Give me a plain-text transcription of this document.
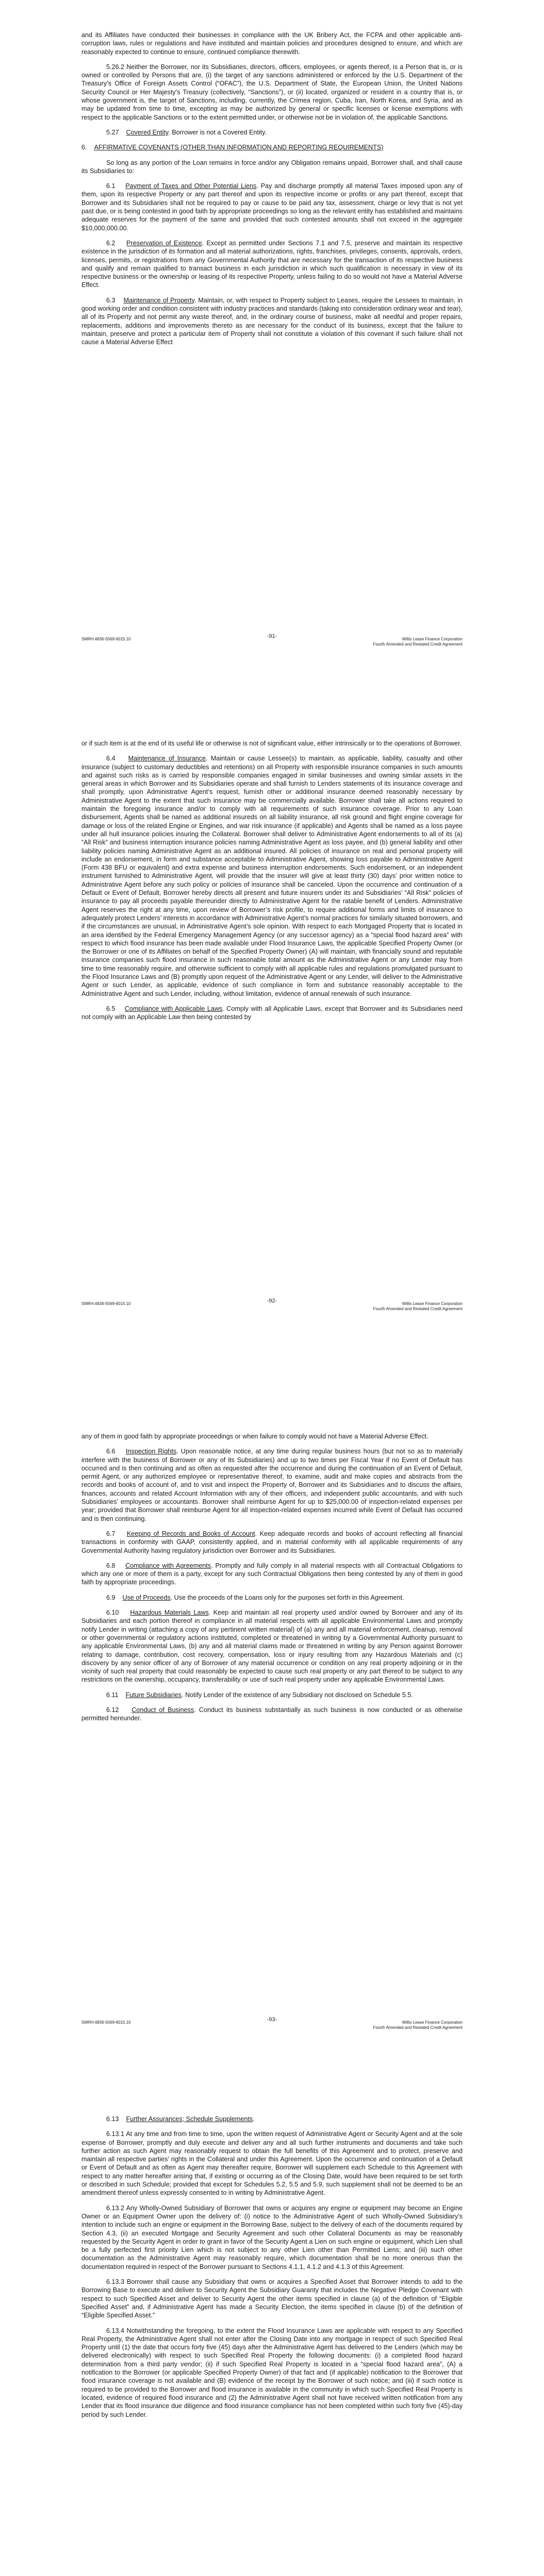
and its Affiliates have conducted their businesses in compliance with the UK Bribery Act, the FCPA and other applicable anti-corruption laws, rules or regulations and have instituted and maintain policies and procedures designed to ensure, and which are reasonably expected to continue to ensure, continued compliance therewith.

5.26.2 Neither the Borrower, nor its Subsidiaries, directors, officers, employees, or agents thereof, is a Person that is, or is owned or controlled by Persons that are, (i) the target of any sanctions administered or enforced by the U.S. Department of the Treasury’s Office of Foreign Assets Control (“OFAC”), the U.S. Department of State, the European Union, the United Nations Security Council or Her Majesty’s Treasury (collectively, “Sanctions”), or (ii) located, organized or resident in a country that is, or whose government is, the target of Sanctions, including, currently, the Crimea region, Cuba, Iran, North Korea, and Syria, and as may be updated from time to time, excepting as may be authorized by general or specific licenses or license exemptions with respect to the applicable Sanctions or to the extent permitted under, or otherwise not be in violation of, the applicable Sanctions.

5.27 Covered Entity. Borrower is not a Covered Entity.

6. AFFIRMATIVE COVENANTS (OTHER THAN INFORMATION AND REPORTING REQUIREMENTS)

So long as any portion of the Loan remains in force and/or any Obligation remains unpaid, Borrower shall, and shall cause its Subsidiaries to:

6.1 Payment of Taxes and Other Potential Liens. Pay and discharge promptly all material Taxes imposed upon any of them, upon its respective Property or any part thereof and upon its respective income or profits or any part thereof, except that Borrower and its Subsidiaries shall not be required to pay or cause to be paid any tax, assessment, charge or levy that is not yet past due, or is being contested in good faith by appropriate proceedings so long as the relevant entity has established and maintains adequate reserves for the payment of the same and provided that such contested amounts shall not exceed in the aggregate $10,000,000.00.

6.2 Preservation of Existence. Except as permitted under Sections 7.1 and 7.5, preserve and maintain its respective existence in the jurisdiction of its formation and all material authorizations, rights, franchises, privileges, consents, approvals, orders, licenses, permits, or registrations from any Governmental Authority that are necessary for the transaction of its respective business and qualify and remain qualified to transact business in each jurisdiction in which such qualification is necessary in view of its respective business or the ownership or leasing of its respective Property, unless failing to do so would not have a Material Adverse Effect.

6.3 Maintenance of Property. Maintain, or, with respect to Property subject to Leases, require the Lessees to maintain, in good working order and condition consistent with industry practices and standards (taking into consideration ordinary wear and tear), all of its Property and not permit any waste thereof, and, in the ordinary course of business, make all needful and proper repairs, replacements, additions and improvements thereto as are necessary for the conduct of its business, except that the failure to maintain, preserve and protect a particular item of Property shall not constitute a violation of this covenant if such failure shall not cause a Material Adverse Effect

SMRH:4836-5569-6015.10	-91-	Willis Lease Finance Corporation
Fourth Amended and Restated Credit Agreement

or if such item is at the end of its useful life or otherwise is not of significant value, either intrinsically or to the operations of Borrower.

6.4 Maintenance of Insurance. Maintain or cause Lessee(s) to maintain, as applicable, liability, casualty and other insurance (subject to customary deductibles and retentions) on all Property with responsible insurance companies in such amounts and against such risks as is carried by responsible companies engaged in similar businesses and owning similar assets in the general areas in which Borrower and its Subsidiaries operate and shall furnish to Lenders statements of its insurance coverage and shall promptly, upon Administrative Agent’s request, furnish other or additional insurance deemed reasonably necessary by Administrative Agent to the extent that such insurance may be commercially available. Borrower shall take all actions required to maintain the foregoing insurance and/or to comply with all requirements of such insurance coverage. Prior to any Loan disbursement, Agents shall be named as additional insureds on all liability insurance, all risk ground and flight engine coverage for damage or loss of the related Engine or Engines, and war risk insurance (if applicable) and Agents shall be named as a loss payee under all hull insurance policies insuring the Collateral. Borrower shall deliver to Administrative Agent endorsements to all of its (a) “All Risk” and business interruption insurance policies naming Administrative Agent as loss payee, and (b) general liability and other liability policies naming Administrative Agent as an additional insured. All policies of insurance on real and personal property will include an endorsement, in form and substance acceptable to Administrative Agent, showing loss payable to Administrative Agent (Form 438 BFU or equivalent) and extra expense and business interruption endorsements. Such endorsement, or an independent instrument furnished to Administrative Agent, will provide that the insurer will give at least thirty (30) days’ prior written notice to Administrative Agent before any such policy or policies of insurance shall be canceled. Upon the occurrence and continuation of a Default or Event of Default, Borrower hereby directs all present and future insurers under its and Subsidiaries’ “All Risk” policies of insurance to pay all proceeds payable thereunder directly to Administrative Agent for the ratable benefit of Lenders. Administrative Agent reserves the right at any time, upon review of Borrower’s risk profile, to require additional forms and limits of insurance to adequately protect Lenders’ interests in accordance with Administrative Agent’s normal practices for similarly situated borrowers, and if the circumstances are unusual, in Administrative Agent’s sole opinion. With respect to each Mortgaged Property that is located in an area identified by the Federal Emergency Management Agency (or any successor agency) as a “special flood hazard area” with respect to which flood insurance has been made available under Flood Insurance Laws, the applicable Specified Property Owner (or the Borrower or one of its Affiliates on behalf of the Specified Property Owner) (A) will maintain, with financially sound and reputable insurance companies such flood insurance in such reasonable total amount as the Administrative Agent or any Lender may from time to time reasonably require, and otherwise sufficient to comply with all applicable rules and regulations promulgated pursuant to the Flood Insurance Laws and (B) promptly upon request of the Administrative Agent or any Lender, will deliver to the Administrative Agent or such Lender, as applicable, evidence of such compliance in form and substance reasonably acceptable to the Administrative Agent and such Lender, including, without limitation, evidence of annual renewals of such insurance.

6.5 Compliance with Applicable Laws. Comply with all Applicable Laws, except that Borrower and its Subsidiaries need not comply with an Applicable Law then being contested by

SMRH:4836-5569-6015.10	-92-	Willis Lease Finance Corporation
Fourth Amended and Restated Credit Agreement

any of them in good faith by appropriate proceedings or when failure to comply would not have a Material Adverse Effect.

6.6 Inspection Rights. Upon reasonable notice, at any time during regular business hours (but not so as to materially interfere with the business of Borrower or any of its Subsidiaries) and up to two times per Fiscal Year if no Event of Default has occurred and is then continuing and as often as requested after the occurrence and during the continuation of an Event of Default, permit Agent, or any authorized employee or representative thereof, to examine, audit and make copies and abstracts from the records and books of account of, and to visit and inspect the Property of, Borrower and its Subsidiaries and to discuss the affairs, finances, accounts and related Account Information with any of their officers, and independent public accountants, and with such Subsidiaries’ employees or accountants. Borrower shall reimburse Agent for up to $25,000.00 of inspection-related expenses per year; provided that Borrower shall reimburse Agent for all inspection-related expenses incurred while Event of Default has occurred and is then continuing.

6.7 Keeping of Records and Books of Account. Keep adequate records and books of account reflecting all financial transactions in conformity with GAAP, consistently applied, and in material conformity with all applicable requirements of any Governmental Authority having regulatory jurisdiction over Borrower and its Subsidiaries.

6.8 Compliance with Agreements. Promptly and fully comply in all material respects with all Contractual Obligations to which any one or more of them is a party, except for any such Contractual Obligations then being contested by any of them in good faith by appropriate proceedings.

6.9 Use of Proceeds. Use the proceeds of the Loans only for the purposes set forth in this Agreement.

6.10 Hazardous Materials Laws. Keep and maintain all real property used and/or owned by Borrower and any of its Subsidiaries and each portion thereof in compliance in all material respects with all applicable Environmental Laws and promptly notify Lender in writing (attaching a copy of any pertinent written material) of (a) any and all material enforcement, cleanup, removal or other governmental or regulatory actions instituted, completed or threatened in writing by a Governmental Authority pursuant to any applicable Environmental Laws, (b) any and all material claims made or threatened in writing by any Person against Borrower relating to damage, contribution, cost recovery, compensation, loss or injury resulting from any Hazardous Materials and (c) discovery by any senior officer of any of Borrower of any material occurrence or condition on any real property adjoining or in the vicinity of such real property that could reasonably be expected to cause such real property or any part thereof to be subject to any restrictions on the ownership, occupancy, transferability or use of such real property under any applicable Environmental Laws.

6.11 Future Subsidiaries. Notify Lender of the existence of any Subsidiary not disclosed on Schedule 5.5.

6.12 Conduct of Business. Conduct its business substantially as such business is now conducted or as otherwise permitted hereunder.

SMRH:4836-5569-6015.10	-93-	Willis Lease Finance Corporation
Fourth Amended and Restated Credit Agreement

6.13 Further Assurances; Schedule Supplements.

6.13.1 At any time and from time to time, upon the written request of Administrative Agent or Security Agent and at the sole expense of Borrower, promptly and duly execute and deliver any and all such further instruments and documents and take such further action as such Agent may reasonably request to obtain the full benefits of this Agreement and to protect, preserve and maintain all respective parties’ rights in the Collateral and under this Agreement. Upon the occurrence and continuation of a Default or Event of Default and as often as Agent may thereafter require, Borrower will supplement each Schedule to this Agreement with respect to any matter hereafter arising that, if existing or occurring as of the Closing Date, would have been required to be set forth or described in such Schedule; provided that except for Schedules 5.2, 5.5 and 5.9, such supplement shall not be deemed to be an amendment thereof unless expressly consented to in writing by Administrative Agent.

6.13.2 Any Wholly-Owned Subsidiary of Borrower that owns or acquires any engine or equipment may become an Engine Owner or an Equipment Owner upon the delivery of: (i) notice to the Administrative Agent of such Wholly-Owned Subsidiary’s intention to include such an engine or equipment in the Borrowing Base, subject to the delivery of each of the documents required by Section 4.3, (ii) an executed Mortgage and Security Agreement and such other Collateral Documents as may be reasonably requested by the Security Agent in order to grant in favor of the Security Agent a Lien on such engine or equipment, which Lien shall be a fully perfected first priority Lien which is not subject to any other Lien other than Permitted Liens; and (iii) such other documentation as the Administrative Agent may reasonably require, which documentation shall be no more onerous than the documentation required in respect of the Borrower pursuant to Sections 4.1.1, 4.1.2 and 4.1.3 of this Agreement.

6.13.3 Borrower shall cause any Subsidiary that owns or acquires a Specified Asset that Borrower intends to add to the Borrowing Base to execute and deliver to Security Agent the Subsidiary Guaranty that includes the Negative Pledge Covenant with respect to such Specified Asset and deliver to Security Agent the other items specified in clause (a) of the definition of “Eligible Specified Asset” and, if Administrative Agent has made a Security Election, the items specified in clause (b) of the definition of “Eligible Specified Asset.”

6.13.4 Notwithstanding the foregoing, to the extent the Flood Insurance Laws are applicable with respect to any Specified Real Property, the Administrative Agent shall not enter after the Closing Date into any mortgage in respect of such Specified Real Property until (1) the date that occurs forty five (45) days after the Administrative Agent has delivered to the Lenders (which may be delivered electronically) with respect to such Specified Real Property the following documents: (i) a completed flood hazard determination from a third party vendor; (ii) if such Specified Real Property is located in a “special flood hazard area”, (A) a notification to the Borrower (or applicable Specified Property Owner) of that fact and (if applicable) notification to the Borrower that flood insurance coverage is not available and (B) evidence of the receipt by the Borrower of such notice; and (iii) if such notice is required to be provided to the Borrower and flood insurance is available in the community in which such Specified Real Property is located, evidence of required flood insurance and (2) the Administrative Agent shall not have received written notification from any Lender that its flood insurance due diligence and flood insurance compliance has not been completed within such forty five (45)-day period by such Lender.
